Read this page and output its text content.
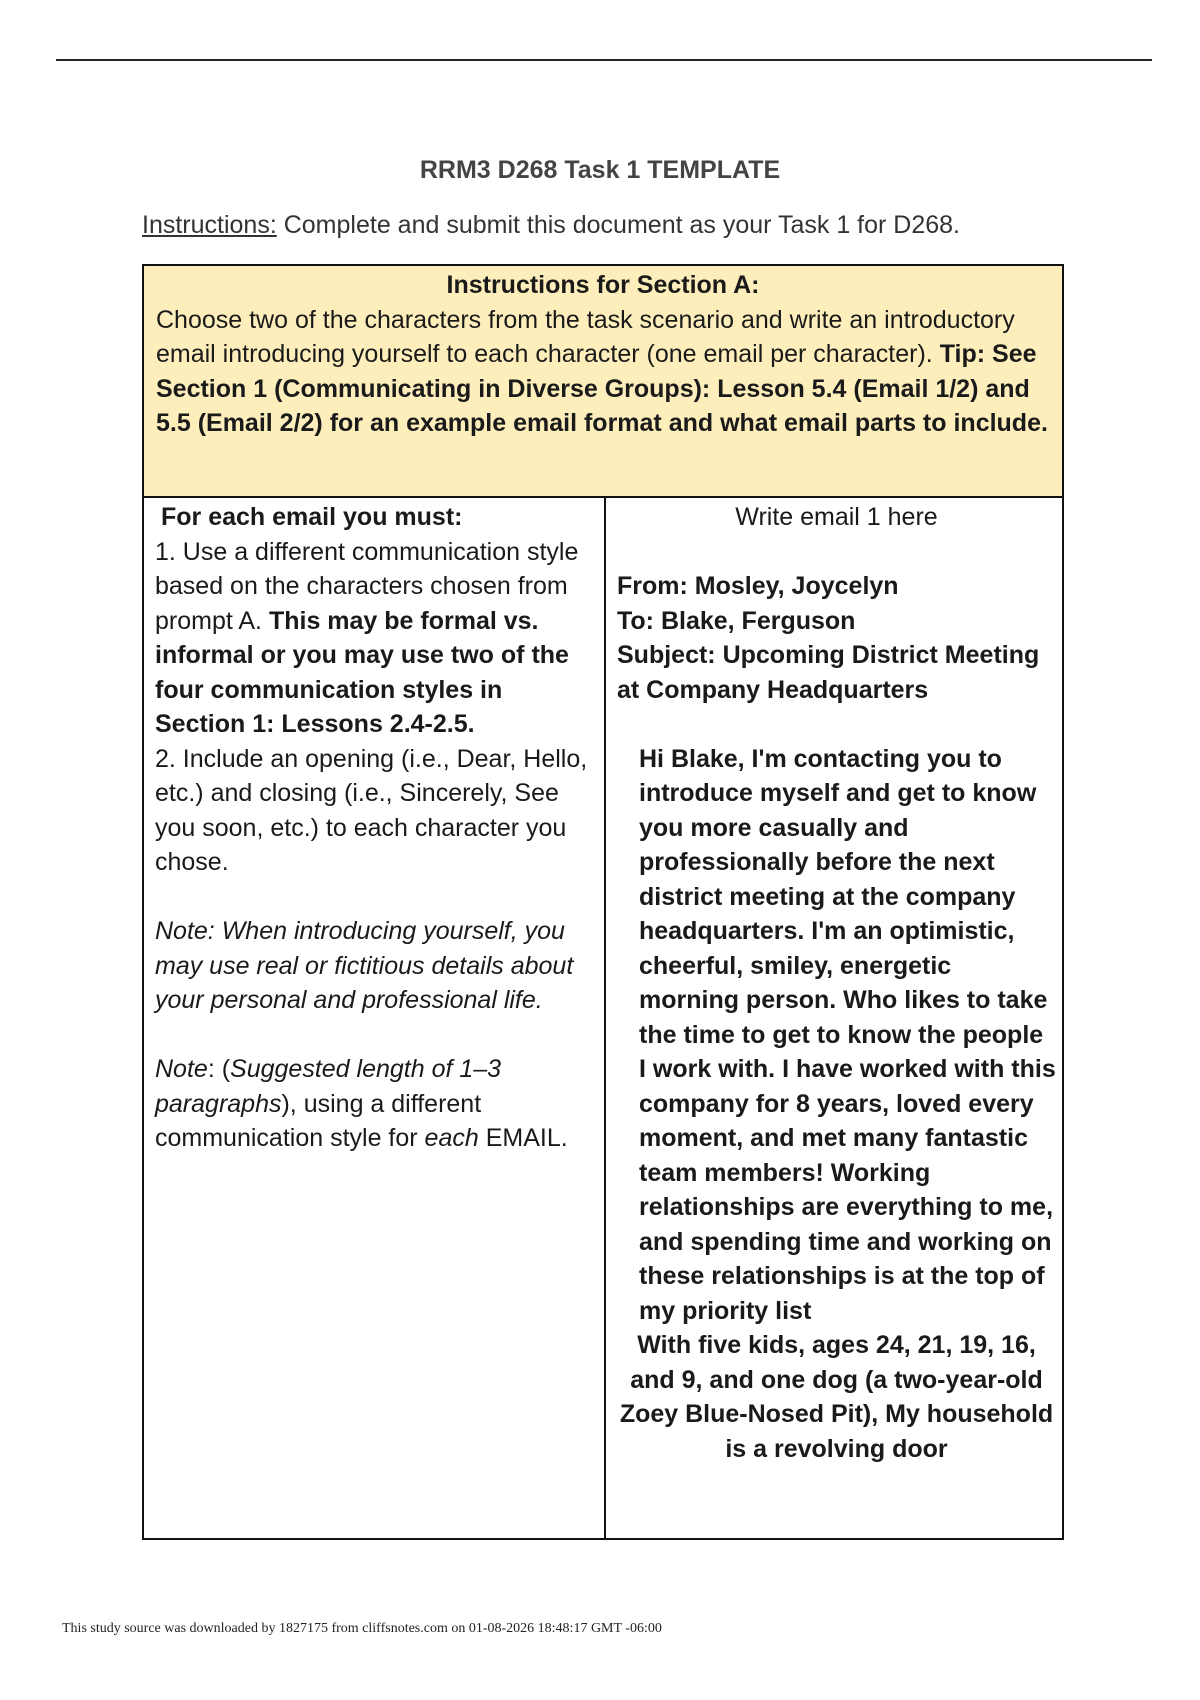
RRM3 D268 Task 1 TEMPLATE
Instructions: Complete and submit this document as your Task 1 for D268.
Instructions for Section A:
Choose two of the characters from the task scenario and write an introductory email introducing yourself to each character (one email per character). Tip: See Section 1 (Communicating in Diverse Groups): Lesson 5.4 (Email 1/2) and 5.5 (Email 2/2) for an example email format and what email parts to include.
For each email you must:
1. Use a different communication style based on the characters chosen from prompt A. This may be formal vs. informal or you may use two of the four communication styles in Section 1: Lessons 2.4-2.5.
2. Include an opening (i.e., Dear, Hello, etc.) and closing (i.e., Sincerely, See you soon, etc.) to each character you chose.
Note: When introducing yourself, you may use real or fictitious details about your personal and professional life.
Note: (Suggested length of 1–3 paragraphs), using a different communication style for each EMAIL.
Write email 1 here
From: Mosley, Joycelyn
To: Blake, Ferguson
Subject: Upcoming District Meeting at Company Headquarters
Hi Blake, I'm contacting you to introduce myself and get to know you more casually and professionally before the next district meeting at the company headquarters. I'm an optimistic, cheerful, smiley, energetic morning person. Who likes to take the time to get to know the people I work with. I have worked with this company for 8 years, loved every moment, and met many fantastic team members! Working relationships are everything to me, and spending time and working on these relationships is at the top of my priority list
With five kids, ages 24, 21, 19, 16, and 9, and one dog (a two-year-old Zoey Blue-Nosed Pit), My household is a revolving door
This study source was downloaded by 1827175 from cliffsnotes.com on 01-08-2026 18:48:17 GMT -06:00
